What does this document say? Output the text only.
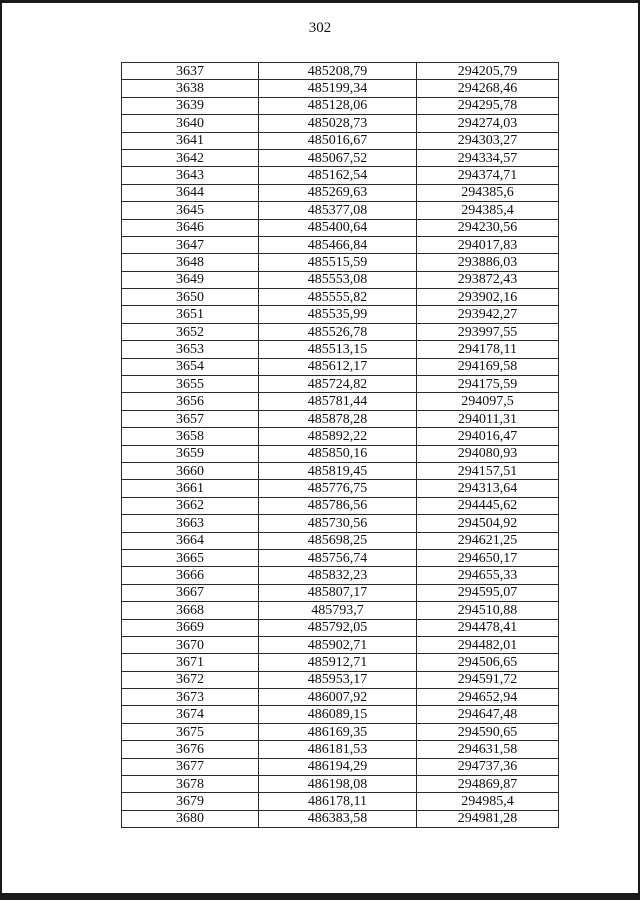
302
3637	485208,79	294205,79
3638	485199,34	294268,46
3639	485128,06	294295,78
3640	485028,73	294274,03
3641	485016,67	294303,27
3642	485067,52	294334,57
3643	485162,54	294374,71
3644	485269,63	294385,6
3645	485377,08	294385,4
3646	485400,64	294230,56
3647	485466,84	294017,83
3648	485515,59	293886,03
3649	485553,08	293872,43
3650	485555,82	293902,16
3651	485535,99	293942,27
3652	485526,78	293997,55
3653	485513,15	294178,11
3654	485612,17	294169,58
3655	485724,82	294175,59
3656	485781,44	294097,5
3657	485878,28	294011,31
3658	485892,22	294016,47
3659	485850,16	294080,93
3660	485819,45	294157,51
3661	485776,75	294313,64
3662	485786,56	294445,62
3663	485730,56	294504,92
3664	485698,25	294621,25
3665	485756,74	294650,17
3666	485832,23	294655,33
3667	485807,17	294595,07
3668	485793,7	294510,88
3669	485792,05	294478,41
3670	485902,71	294482,01
3671	485912,71	294506,65
3672	485953,17	294591,72
3673	486007,92	294652,94
3674	486089,15	294647,48
3675	486169,35	294590,65
3676	486181,53	294631,58
3677	486194,29	294737,36
3678	486198,08	294869,87
3679	486178,11	294985,4
3680	486383,58	294981,28
